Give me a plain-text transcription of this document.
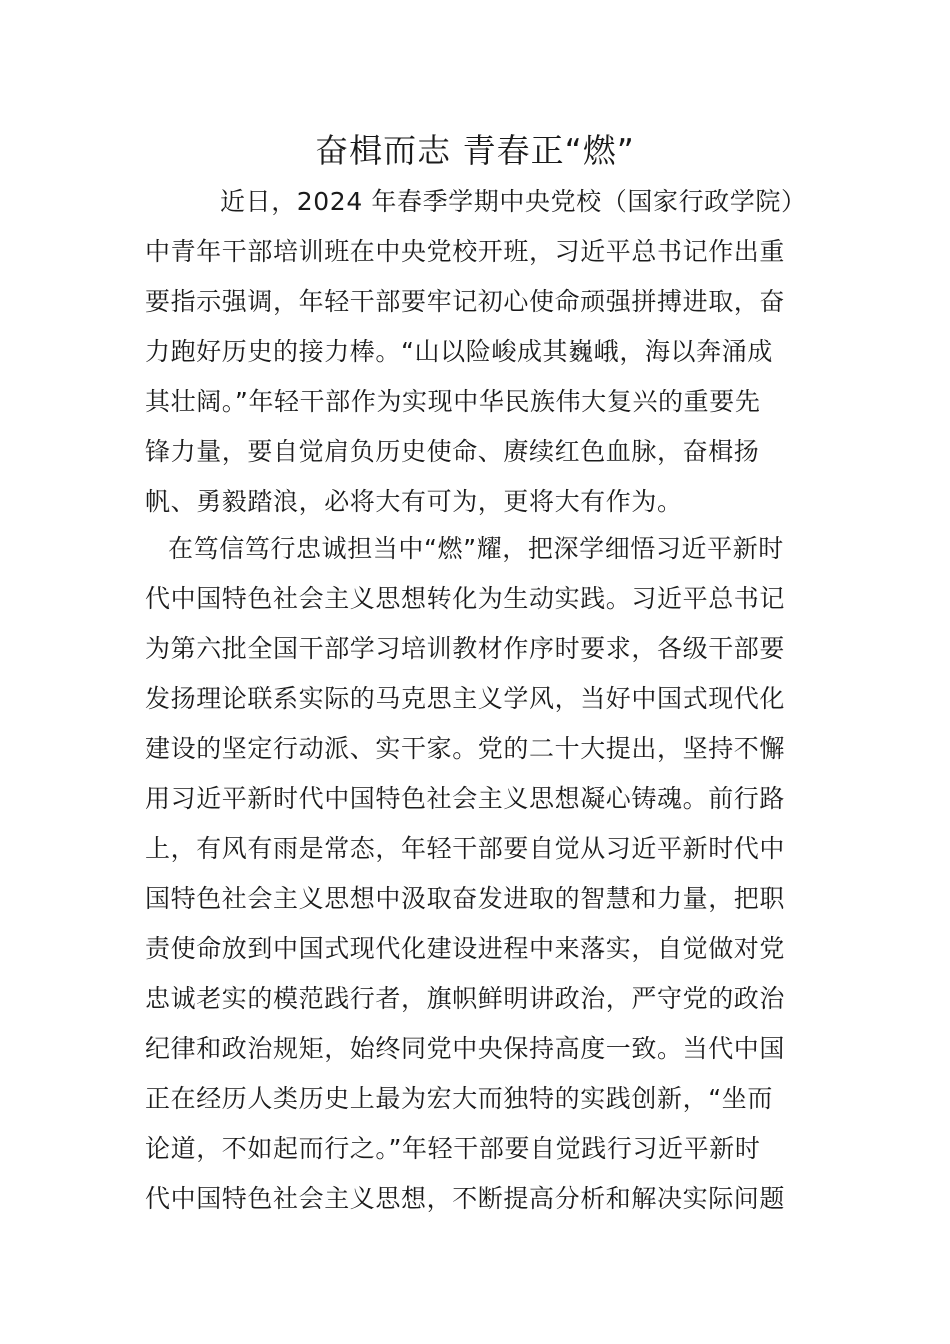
奋楫而志 青春正“燃”
近日，2024 年春季学期中央党校（国家行政学院）
中青年干部培训班在中央党校开班，习近平总书记作出重
要指示强调，年轻干部要牢记初心使命顽强拼搏进取，奋
力跑好历史的接力棒。“山以险峻成其巍峨，海以奔涌成
其壮阔。”年轻干部作为实现中华民族伟大复兴的重要先
锋力量，要自觉肩负历史使命、赓续红色血脉，奋楫扬
帆、勇毅踏浪，必将大有可为，更将大有作为。
在笃信笃行忠诚担当中“燃”耀，把深学细悟习近平新时
代中国特色社会主义思想转化为生动实践。习近平总书记
为第六批全国干部学习培训教材作序时要求，各级干部要
发扬理论联系实际的马克思主义学风，当好中国式现代化
建设的坚定行动派、实干家。党的二十大提出，坚持不懈
用习近平新时代中国特色社会主义思想凝心铸魂。前行路
上，有风有雨是常态，年轻干部要自觉从习近平新时代中
国特色社会主义思想中汲取奋发进取的智慧和力量，把职
责使命放到中国式现代化建设进程中来落实，自觉做对党
忠诚老实的模范践行者，旗帜鲜明讲政治，严守党的政治
纪律和政治规矩，始终同党中央保持高度一致。当代中国
正在经历人类历史上最为宏大而独特的实践创新，“坐而
论道，不如起而行之。”年轻干部要自觉践行习近平新时
代中国特色社会主义思想，不断提高分析和解决实际问题
